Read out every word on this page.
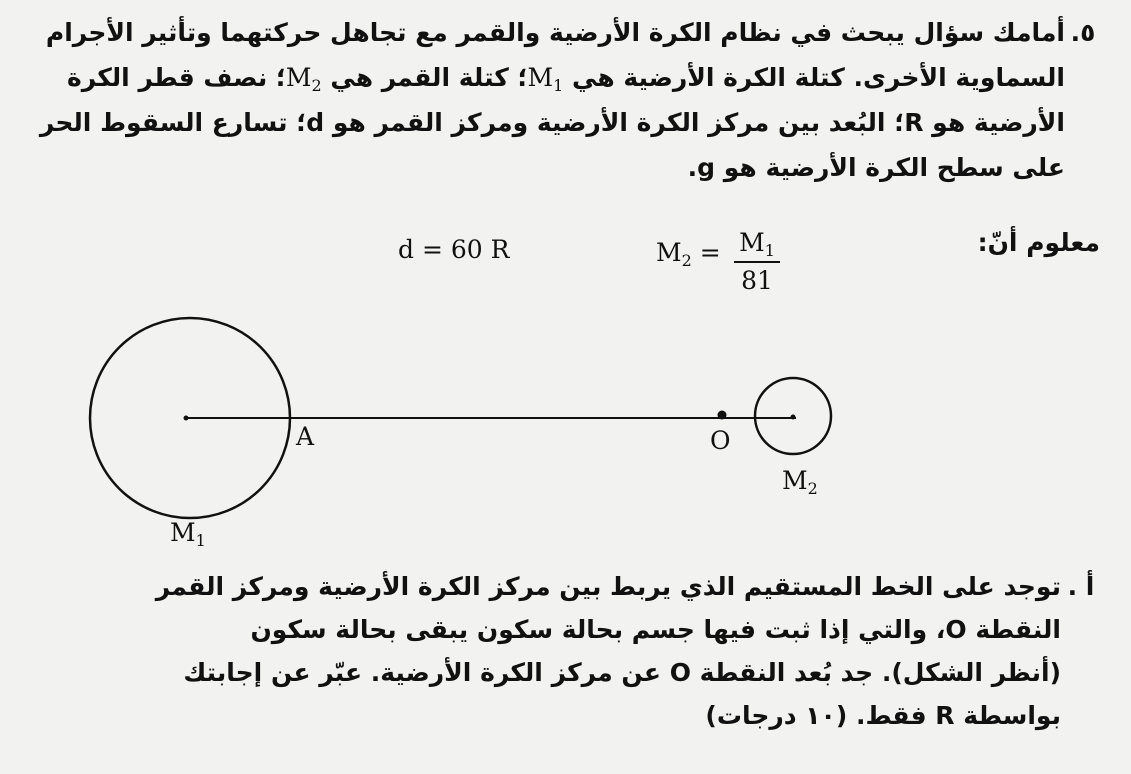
٥.أمامك سؤال يبحث في نظام الكرة الأرضية والقمر مع تجاهل حركتهما وتأثير الأجرام
السماوية الأخرى. كتلة الكرة الأرضية هي $M_1؛$ كتلة القمر هي $M_2؛$ نصف قطر الكرة
الأرضية هو R؛ البُعد بين مركز الكرة الأرضية ومركز القمر هو d؛ تسارع السقوط الحر
على سطح الكرة الأرضية هو g.
معلوم أنّ:
d = 60 R	$M_2 = M_1$
81
A	O
$M_2$
$M_1$
أ .توجد على الخط المستقيم الذي يربط بين مركز الكرة الأرضية ومركز القمر
النقطة O، والتي إذا ثبت فيها جسم بحالة سكون يبقى بحالة سكون
(أنظر الشكل). جد بُعد النقطة O عن مركز الكرة الأرضية. عبّر عن إجابتك
بواسطة R فقط. (١٠ درجات)
